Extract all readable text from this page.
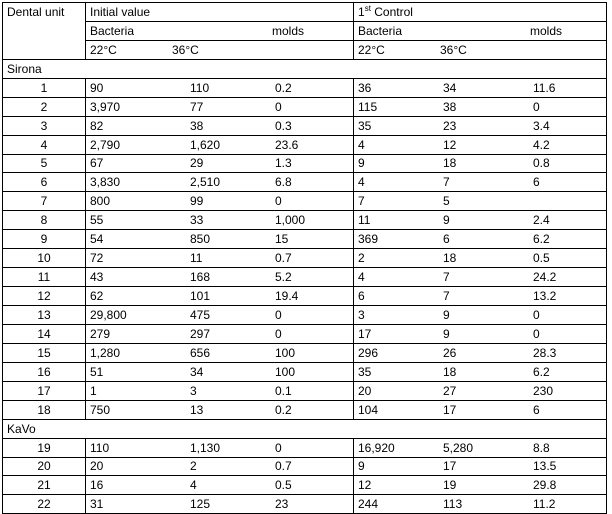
Dental unit	Initial value	1st Control

	Bacteria molds	Bacteria molds

	22°C 36°C	22°C 36°C

Sirona		
1	90 110 0.2	36 34 11.6

2	3,970 77 0	115 38 0

3	82 38 0.3	35 23 3.4

4	2,790 1,620 23.6	4 12 4.2

5	67 29 1.3	9 18 0.8

6	3,830 2,510 6.8	4 7 6

7	800 99 0	7 5

8	55 33 1,000	11 9 2.4

9	54 850 15	369 6 6.2

10	72 11 0.7	2 18 0.5

11	43 168 5.2	4 7 24.2

12	62 101 19.4	6 7 13.2

13	29,800 475 0	3 9 0

14	279 297 0	17 9 0

15	1,280 656 100	296 26 28.3

16	51 34 100	35 18 6.2

17	1 3 0.1	20 27 230

18	750 13 0.2	104 17 6

KaVo		
19	110 1,130 0	16,920 5,280 8.8

20	20 2 0.7	9 17 13.5

21	16 4 0.5	12 19 29.8

22	31 125 23	244 113 11.2
